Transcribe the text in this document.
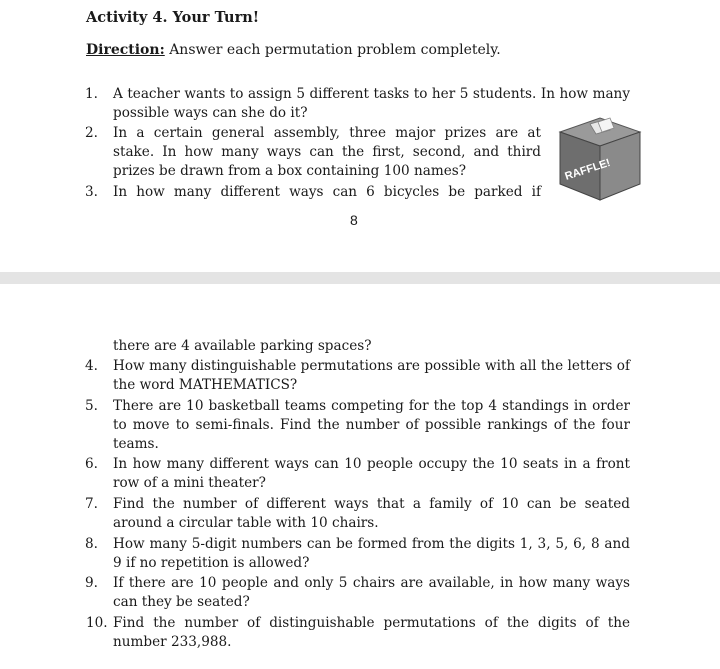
Activity 4. Your Turn!
Direction: Answer each permutation problem completely.
1. A teacher wants to assign 5 different tasks to her 5 students. In how many possible ways can she do it?
2. In a certain general assembly, three major prizes are at stake. In how many ways can the first, second, and third prizes be drawn from a box containing 100 names?
3. In how many different ways can 6 bicycles be parked if
RAFFLE!
8
there are 4 available parking spaces?
4. How many distinguishable permutations are possible with all the letters of the word MATHEMATICS?
5. There are 10 basketball teams competing for the top 4 standings in order to move to semi-finals. Find the number of possible rankings of the four teams.
6. In how many different ways can 10 people occupy the 10 seats in a front row of a mini theater?
7. Find the number of different ways that a family of 10 can be seated around a circular table with 10 chairs.
8. How many 5-digit numbers can be formed from the digits 1, 3, 5, 6, 8 and 9 if no repetition is allowed?
9. If there are 10 people and only 5 chairs are available, in how many ways can they be seated?
10. Find the number of distinguishable permutations of the digits of the number 233,988.
